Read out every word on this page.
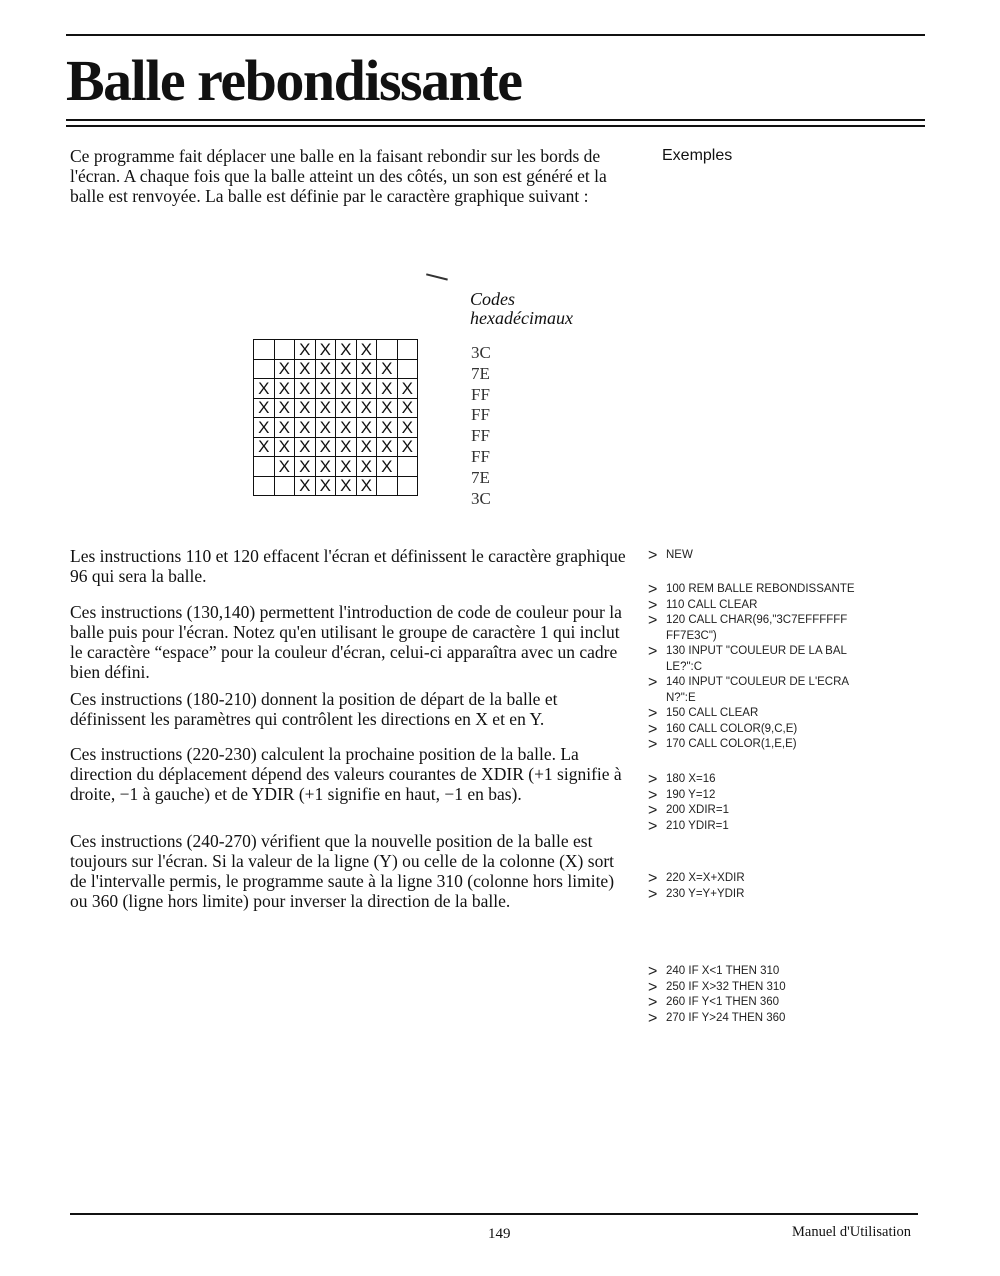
Balle rebondissante

Ce programme fait déplacer une balle en la faisant rebondir sur les bords de l'écran. A chaque fois que la balle atteint un des côtés, un son est généré et la balle est renvoyée. La balle est définie par le caractère graphique suivant :

Exemples

Codes
hexadécimaux

		X	X	X	X		
	X	X	X	X	X	X	
X	X	X	X	X	X	X	X
X	X	X	X	X	X	X	X
X	X	X	X	X	X	X	X
X	X	X	X	X	X	X	X
	X	X	X	X	X	X	
		X	X	X	X		
3C
7E
FF
FF
FF
FF
7E
3C

Les instructions 110 et 120 effacent l'écran et définissent le caractère graphique 96 qui sera la balle.

Ces instructions (130,140) permettent l'introduction de code de couleur pour la balle puis pour l'écran. Notez qu'en utilisant le groupe de caractère 1 qui inclut le caractère “espace” pour la couleur d'écran, celui-ci apparaîtra avec un cadre bien défini.

Ces instructions (180-210) donnent la position de départ de la balle et définissent les paramètres qui contrôlent les directions en X et en Y.

Ces instructions (220-230) calculent la prochaine position de la balle. La direction du déplacement dépend des valeurs courantes de XDIR (+1 signifie à droite, −1 à gauche) et de YDIR (+1 signifie en haut, −1 en bas).

Ces instructions (240-270) vérifient que la nouvelle position de la balle est toujours sur l'écran. Si la valeur de la ligne (Y) ou celle de la colonne (X) sort de l'intervalle permis, le programme saute à la ligne 310 (colonne hors limite) ou 360 (ligne hors limite) pour inverser la direction de la balle.

> NEW
> 100 REM BALLE REBONDISSANTE
> 110 CALL CLEAR
> 120 CALL CHAR(96,"3C7EFFFFFF
FF7E3C")
> 130 INPUT "COULEUR DE LA BAL
LE?":C
> 140 INPUT "COULEUR DE L'ECRA
N?":E
> 150 CALL CLEAR
> 160 CALL COLOR(9,C,E)
> 170 CALL COLOR(1,E,E)
> 180 X=16
> 190 Y=12
> 200 XDIR=1
> 210 YDIR=1
> 220 X=X+XDIR
> 230 Y=Y+YDIR
> 240 IF X<1 THEN 310
> 250 IF X>32 THEN 310
> 260 IF Y<1 THEN 360
> 270 IF Y>24 THEN 360

149	Manuel d'Utilisation
